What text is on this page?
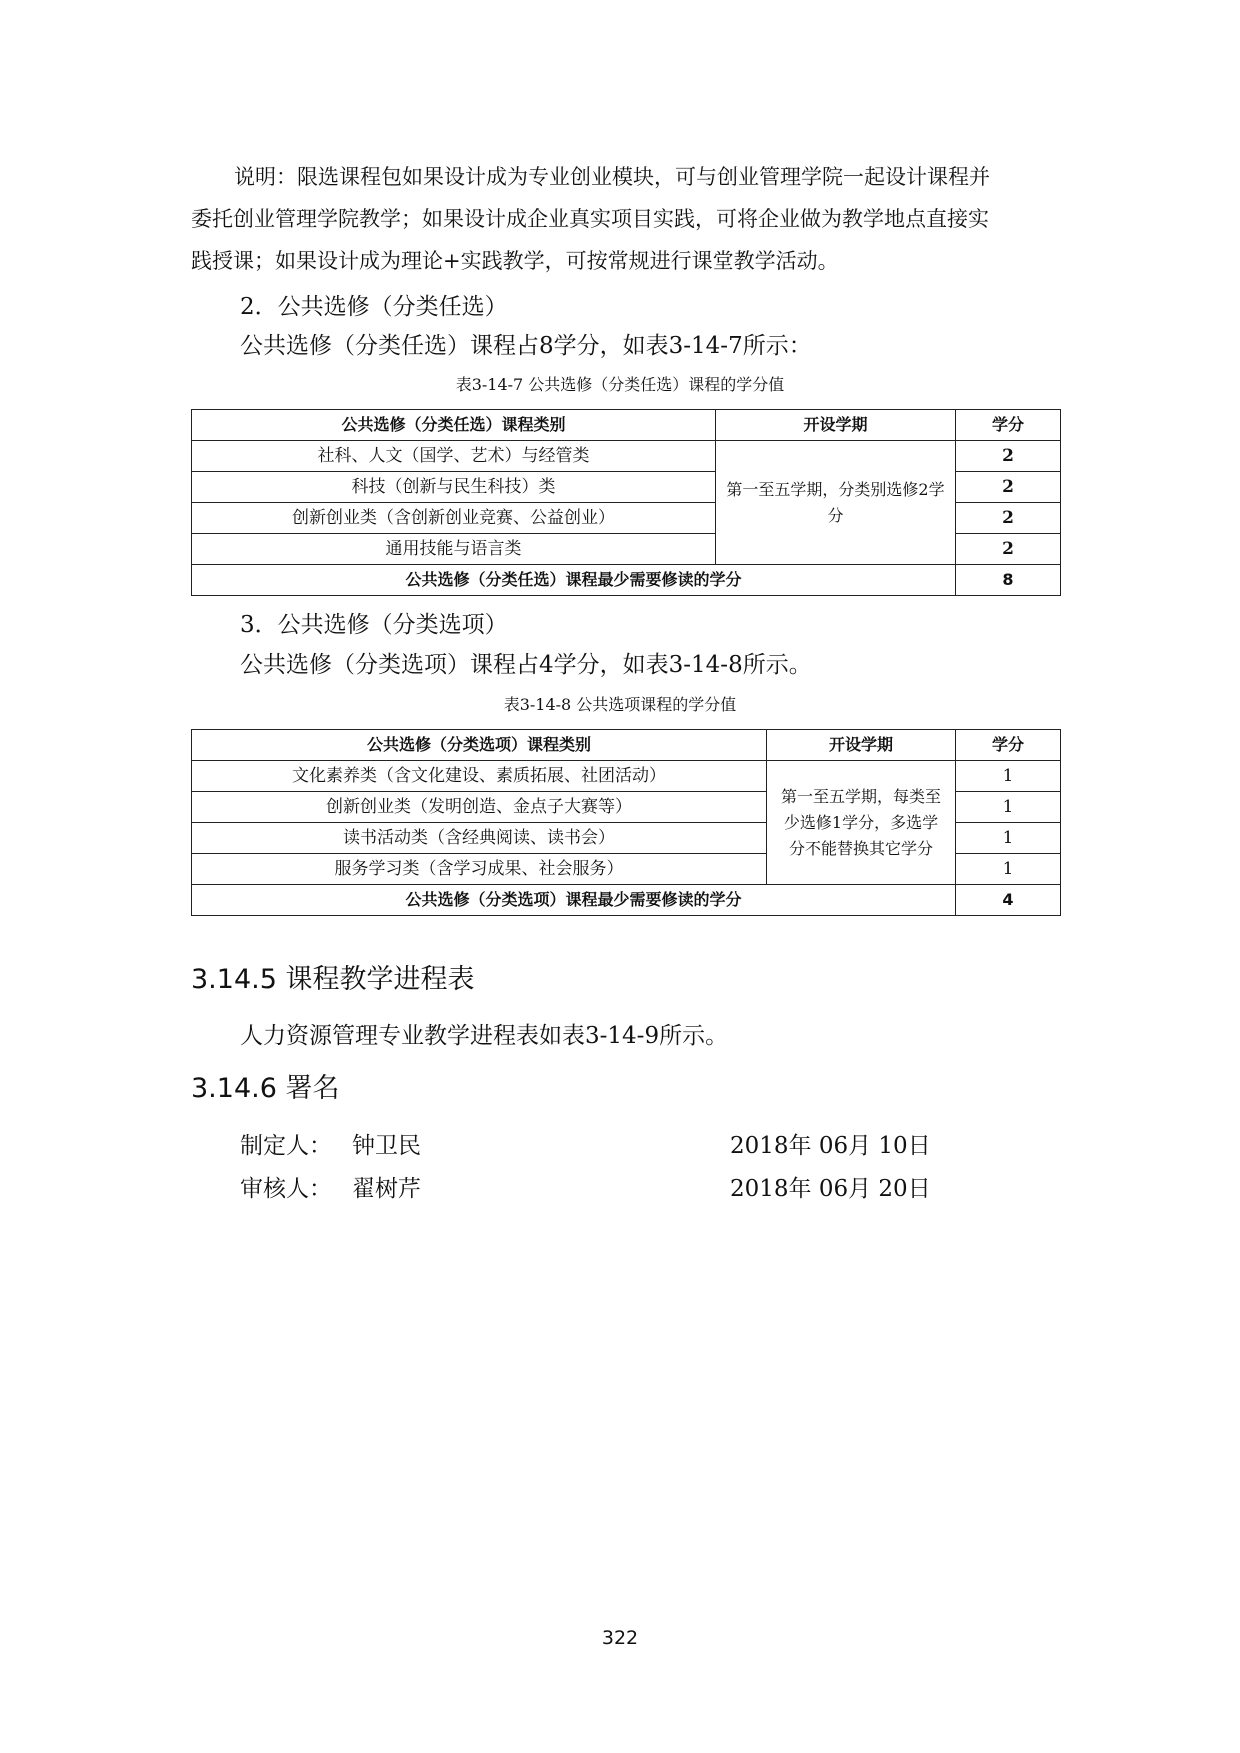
说明：限选课程包如果设计成为专业创业模块，可与创业管理学院一起设计课程并
委托创业管理学院教学；如果设计成企业真实项目实践，可将企业做为教学地点直接实
践授课；如果设计成为理论+实践教学，可按常规进行课堂教学活动。
2．公共选修（分类任选）
公共选修（分类任选）课程占8学分，如表3-14-7所示：
表3-14-7 公共选修（分类任选）课程的学分值
公共选修（分类任选）课程类别	开设学期	学分
社科、人文（国学、艺术）与经管类	第一至五学期，分类别选修2学分	2
科技（创新与民生科技）类		2
创新创业类（含创新创业竞赛、公益创业）		2
通用技能与语言类		2
公共选修（分类任选）课程最少需要修读的学分		8
3．公共选修（分类选项）
公共选修（分类选项）课程占4学分，如表3-14-8所示。
表3-14-8 公共选项课程的学分值
公共选修（分类选项）课程类别	开设学期	学分
文化素养类（含文化建设、素质拓展、社团活动）	第一至五学期，每类至少选修1学分，多选学分不能替换其它学分	1
创新创业类（发明创造、金点子大赛等）		1
读书活动类（含经典阅读、读书会）		1
服务学习类（含学习成果、社会服务）		1
公共选修（分类选项）课程最少需要修读的学分		4
3.14.5 课程教学进程表
人力资源管理专业教学进程表如表3-14-9所示。
3.14.6 署名
制定人： 钟卫民	2018年 06月 10日
审核人： 翟树芹	2018年 06月 20日
322
